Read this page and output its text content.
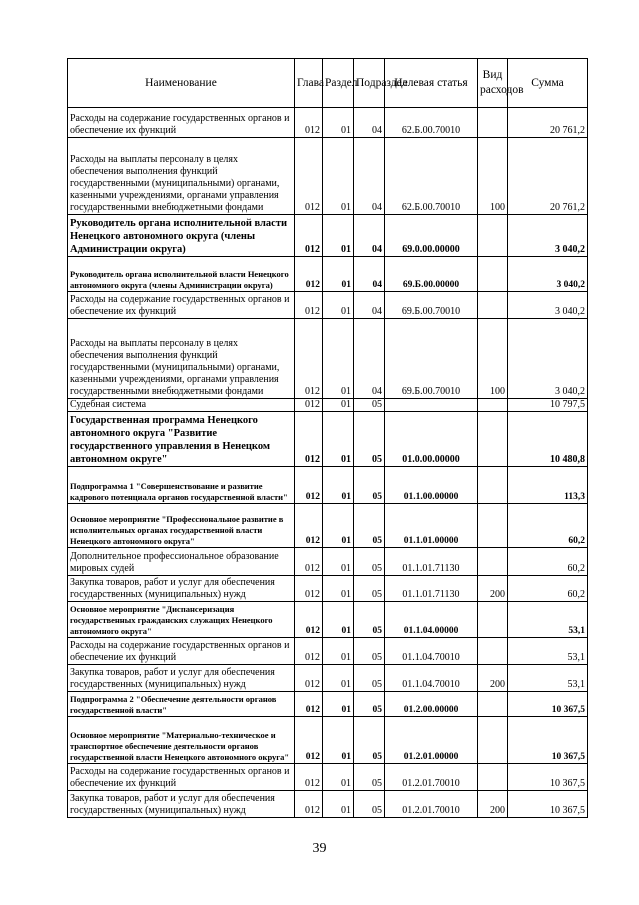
Наименование	Глава	Раздел	Подраздел	Целевая статья	Вид расходов	Сумма
Расходы на содержание государственных органов и обеспечение их функций	012	01	04	62.Б.00.70010		20 761,2
Расходы на выплаты персоналу в целях обеспечения выполнения функций государственными (муниципальными) органами, казенными учреждениями, органами управления государственными внебюджетными фондами	012	01	04	62.Б.00.70010	100	20 761,2
Руководитель органа исполнительной власти Ненецкого автономного округа (члены Администрации округа)	012	01	04	69.0.00.00000		3 040,2
Руководитель органа исполнительной власти Ненецкого автономного округа (члены Администрации округа)	012	01	04	69.Б.00.00000		3 040,2
Расходы на содержание государственных органов и обеспечение их функций	012	01	04	69.Б.00.70010		3 040,2
Расходы на выплаты персоналу в целях обеспечения выполнения функций государственными (муниципальными) органами, казенными учреждениями, органами управления государственными внебюджетными фондами	012	01	04	69.Б.00.70010	100	3 040,2
Судебная система	012	01	05			10 797,5
Государственная программа Ненецкого автономного округа "Развитие государственного управления в Ненецком автономном округе"	012	01	05	01.0.00.00000		10 480,8
Подпрограмма 1 "Совершенствование и развитие кадрового потенциала органов государственной власти"	012	01	05	01.1.00.00000		113,3
Основное мероприятие "Профессиональное развитие в исполнительных органах государственной власти Ненецкого автономного округа"	012	01	05	01.1.01.00000		60,2
Дополнительное профессиональное образование мировых судей	012	01	05	01.1.01.71130		60,2
Закупка товаров, работ и услуг для обеспечения государственных (муниципальных) нужд	012	01	05	01.1.01.71130	200	60,2
Основное мероприятие "Диспансеризация государственных гражданских служащих Ненецкого автономного округа"	012	01	05	01.1.04.00000		53,1
Расходы на содержание государственных органов и обеспечение их функций	012	01	05	01.1.04.70010		53,1
Закупка товаров, работ и услуг для обеспечения государственных (муниципальных) нужд	012	01	05	01.1.04.70010	200	53,1
Подпрограмма 2 "Обеспечение деятельности органов государственной власти"	012	01	05	01.2.00.00000		10 367,5
Основное мероприятие "Материально-техническое и транспортное обеспечение деятельности органов государственной власти Ненецкого автономного округа"	012	01	05	01.2.01.00000		10 367,5
Расходы на содержание государственных органов и обеспечение их функций	012	01	05	01.2.01.70010		10 367,5
Закупка товаров, работ и услуг для обеспечения государственных (муниципальных) нужд	012	01	05	01.2.01.70010	200	10 367,5
39
